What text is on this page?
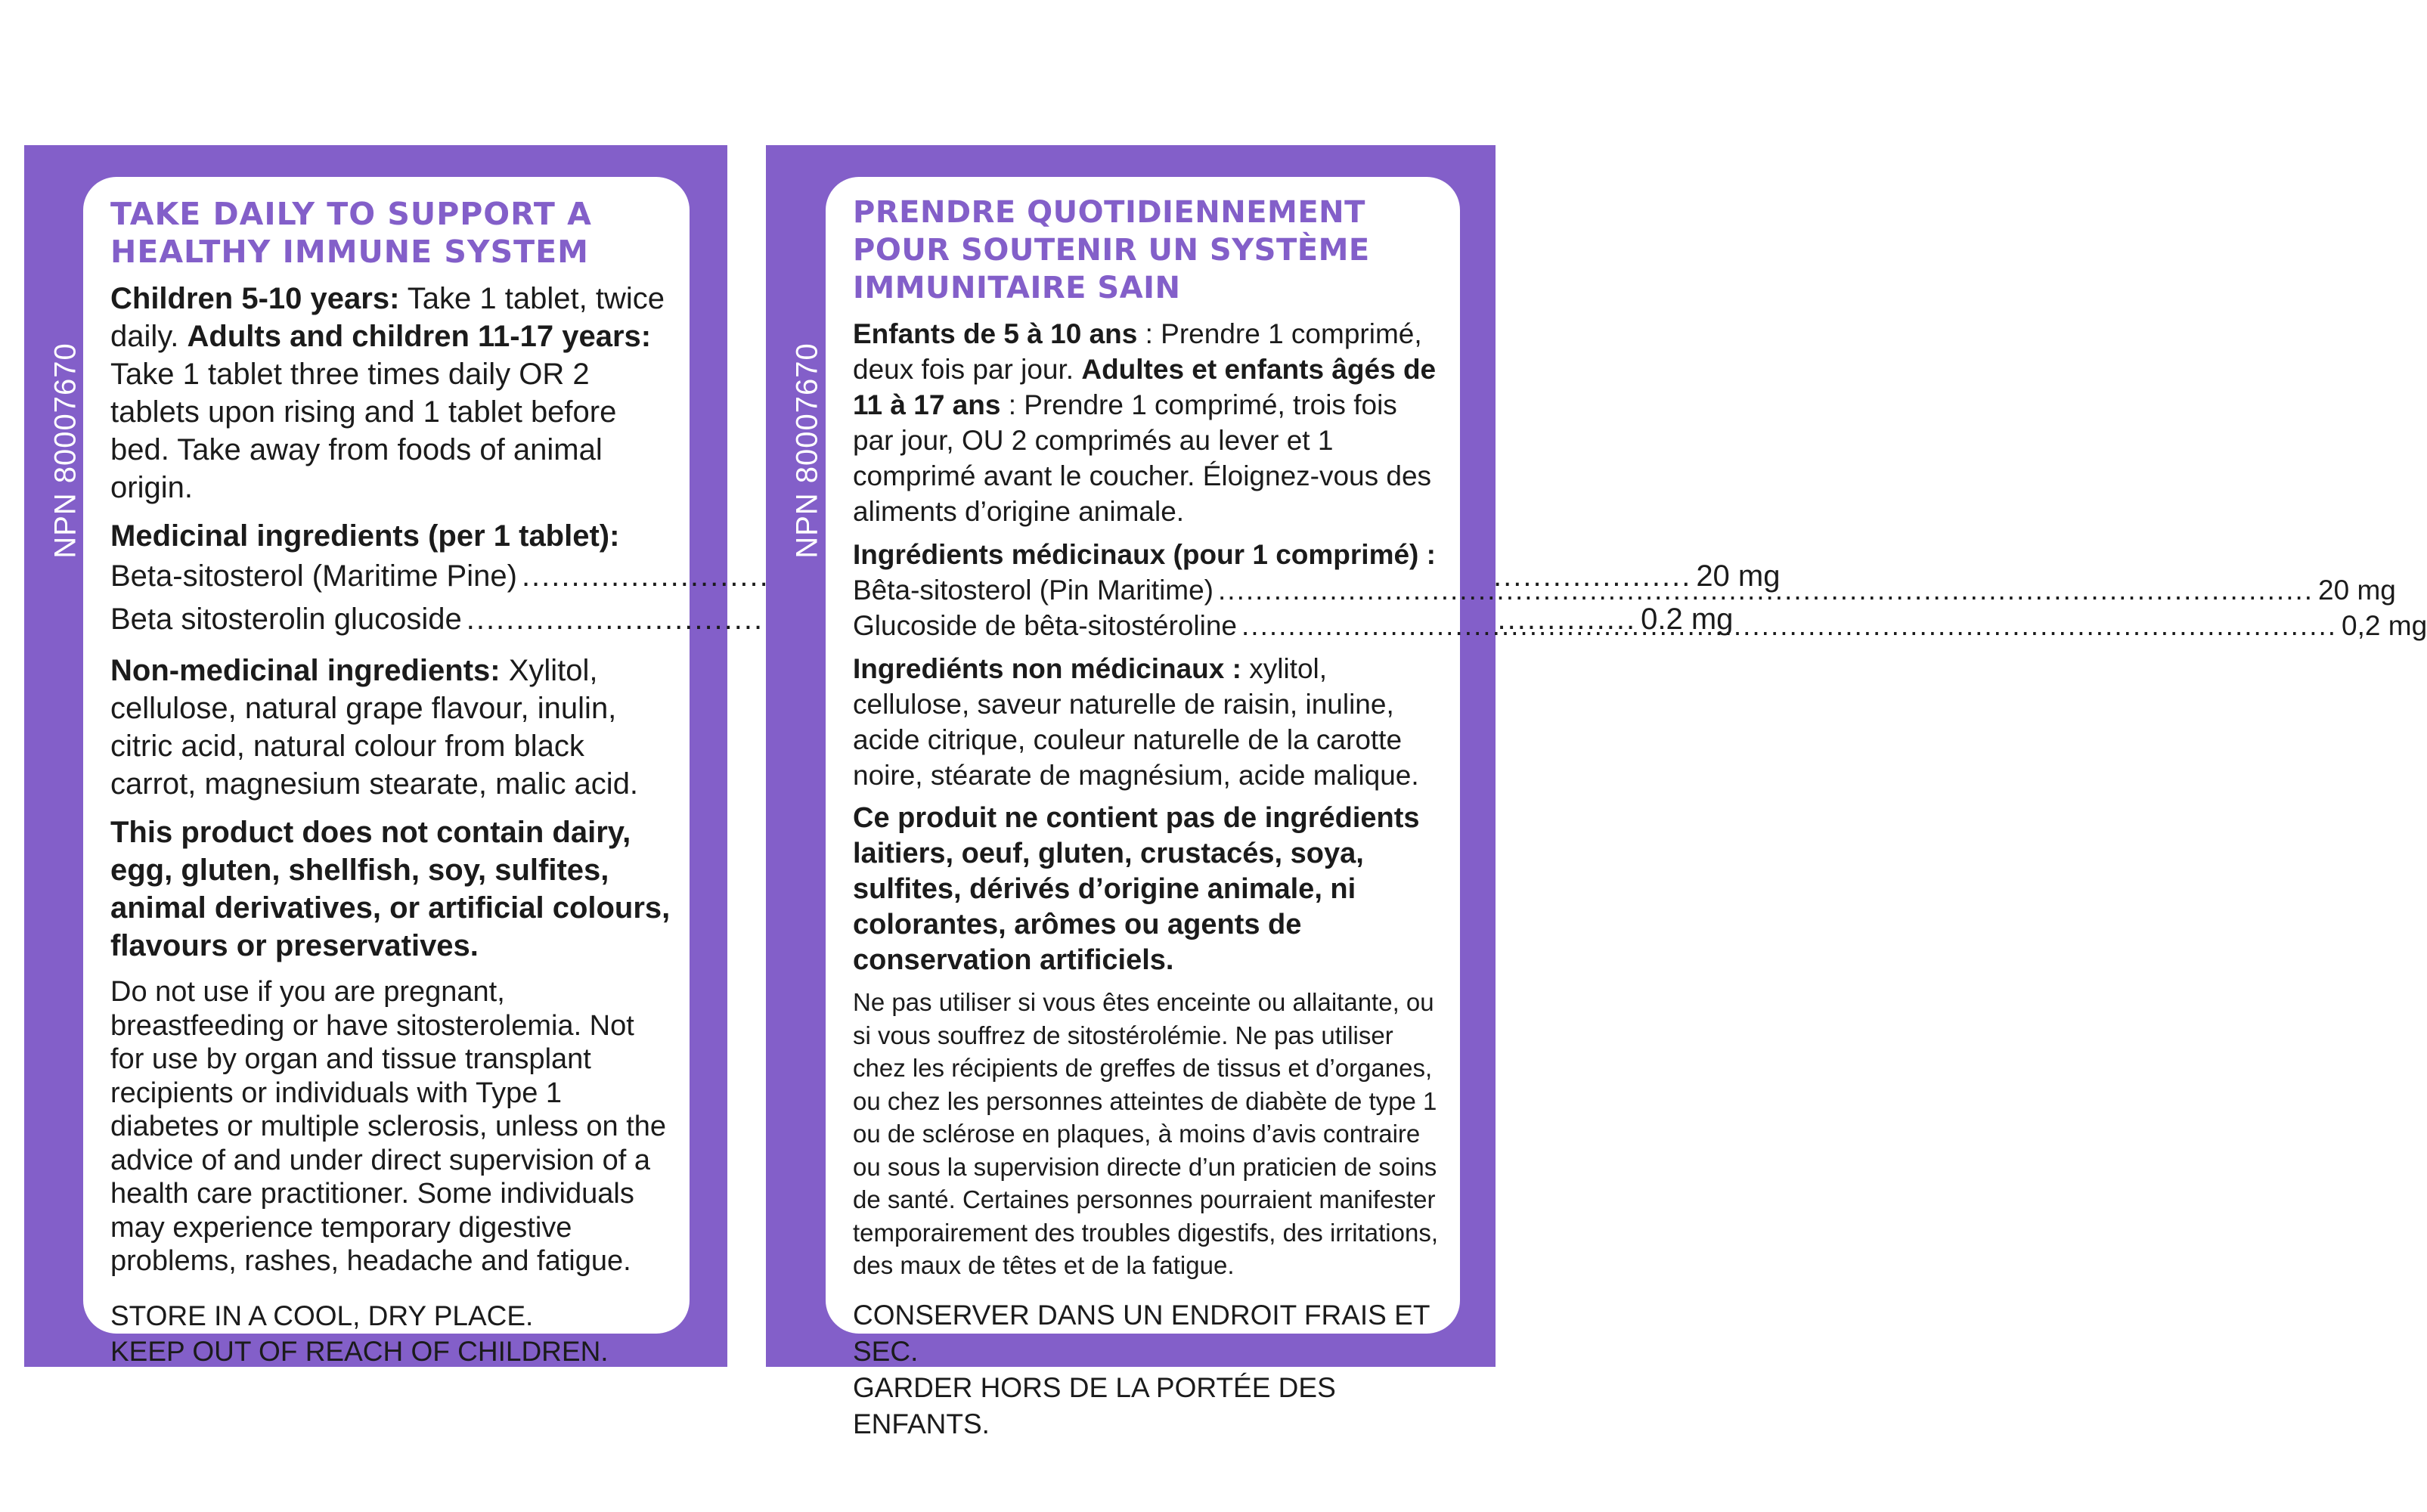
NPN 80007670
TAKE DAILY TO SUPPORT A
HEALTHY IMMUNE SYSTEM

Children 5-10 years: Take 1 tablet, twice daily. Adults and children 11-17 years: Take 1 tablet three times daily OR 2 tablets upon rising and 1 tablet before bed. Take away from foods of animal origin.

Medicinal ingredients (per 1 tablet):

Beta-sitosterol (Maritime Pine) .....	20 mg
Beta sitosterolin glucoside .....	0.2 mg

Non-medicinal ingredients: Xylitol, cellulose, natural grape flavour, inulin, citric acid, natural colour from black carrot, magnesium stearate, malic acid.

This product does not contain dairy, egg, gluten, shellfish, soy, sulfites, animal derivatives, or artificial colours, flavours or preservatives.

Do not use if you are pregnant, breastfeeding or have sitosterolemia. Not for use by organ and tissue transplant recipients or individuals with Type 1 diabetes or multiple sclerosis, unless on the advice of and under direct supervision of a health care practitioner. Some individuals may experience temporary digestive problems, rashes, headache and fatigue.

STORE IN A COOL, DRY PLACE.
KEEP OUT OF REACH OF CHILDREN.

NPN 80007670
PRENDRE QUOTIDIENNEMENT
POUR SOUTENIR UN SYSTÈME
IMMUNITAIRE SAIN

Enfants de 5 à 10 ans : Prendre 1 comprimé, deux fois par jour. Adultes et enfants âgés de 11 à 17 ans : Prendre 1 comprimé, trois fois par jour, OU 2 comprimés au lever et 1 comprimé avant le coucher. Éloignez-vous des aliments d’origine animale.

Ingrédients médicinaux (pour 1 comprimé) :

Bêta-sitosterol (Pin Maritime) .....	20 mg
Glucoside de bêta-sitostéroline .....	0,2 mg

Ingrediénts non médicinaux : xylitol, cellulose, saveur naturelle de raisin, inuline, acide citrique, couleur naturelle de la carotte noire, stéarate de magnésium, acide malique.

Ce produit ne contient pas de ingrédients laitiers, oeuf, gluten, crustacés, soya, sulfites, dérivés d’origine animale, ni colorantes, arômes ou agents de conservation artificiels.

Ne pas utiliser si vous êtes enceinte ou allaitante, ou si vous souffrez de sitostérolémie. Ne pas utiliser chez les récipients de greffes de tissus et d’organes, ou chez les personnes atteintes de diabète de type 1 ou de sclérose en plaques, à moins d’avis contraire ou sous la supervision directe d’un praticien de soins de santé. Certaines personnes pourraient manifester temporairement des troubles digestifs, des irritations, des maux de têtes et de la fatigue.

CONSERVER DANS UN ENDROIT FRAIS ET SEC.
GARDER HORS DE LA PORTÉE DES ENFANTS.
